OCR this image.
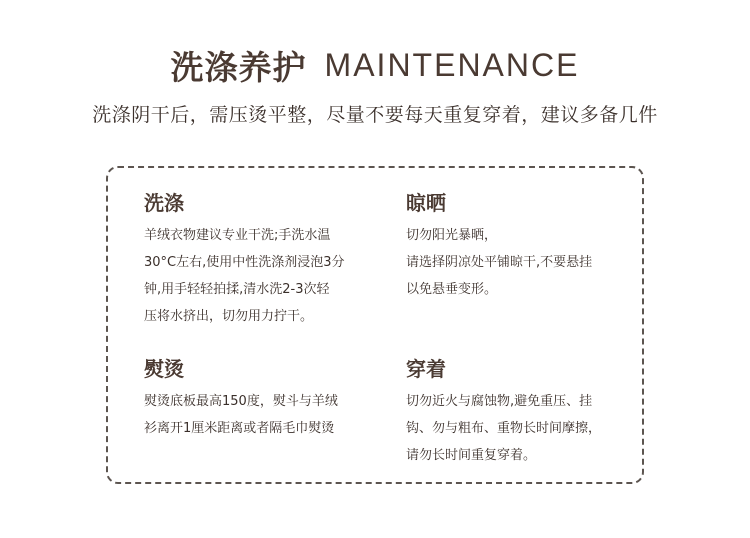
洗涤养护 MAINTENANCE
洗涤阴干后，需压烫平整，尽量不要每天重复穿着，建议多备几件
洗涤

羊绒衣物建议专业干洗;手洗水温

30°C左右,使用中性洗涤剂浸泡3分

钟,用手轻轻拍揉,清水洗2-3次轻

压将水挤出，切勿用力拧干。

晾晒

切勿阳光暴晒，

请选择阴凉处平铺晾干,不要悬挂

以免悬垂变形。

熨烫

熨烫底板最高150度，熨斗与羊绒

衫离开1厘米距离或者隔毛巾熨烫

穿着

切勿近火与腐蚀物,避免重压、挂

钩、勿与粗布、重物长时间摩擦，

请勿长时间重复穿着。
